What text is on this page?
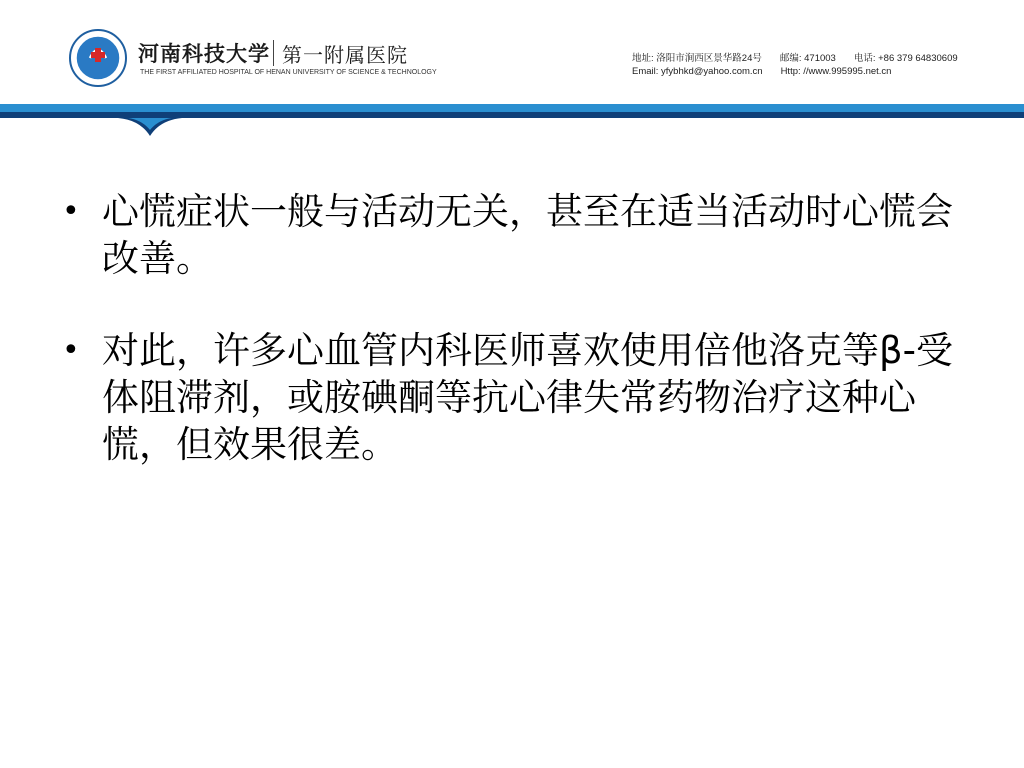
河南科技大学 第一附属医院
THE FIRST AFFILIATED HOSPITAL OF HENAN UNIVERSITY OF SCIENCE & TECHNOLOGY
地址: 洛阳市涧西区景华路24号 邮编: 471003 电话: +86 379 64830609
Email: yfybhkd@yahoo.com.cn Http: //www.995995.net.cn
• 心慌症状一般与活动无关，甚至在适当活动时心慌会改善。
• 对此，许多心血管内科医师喜欢使用倍他洛克等β-受体阻滞剂，或胺碘酮等抗心律失常药物治疗这种心慌，但效果很差。
